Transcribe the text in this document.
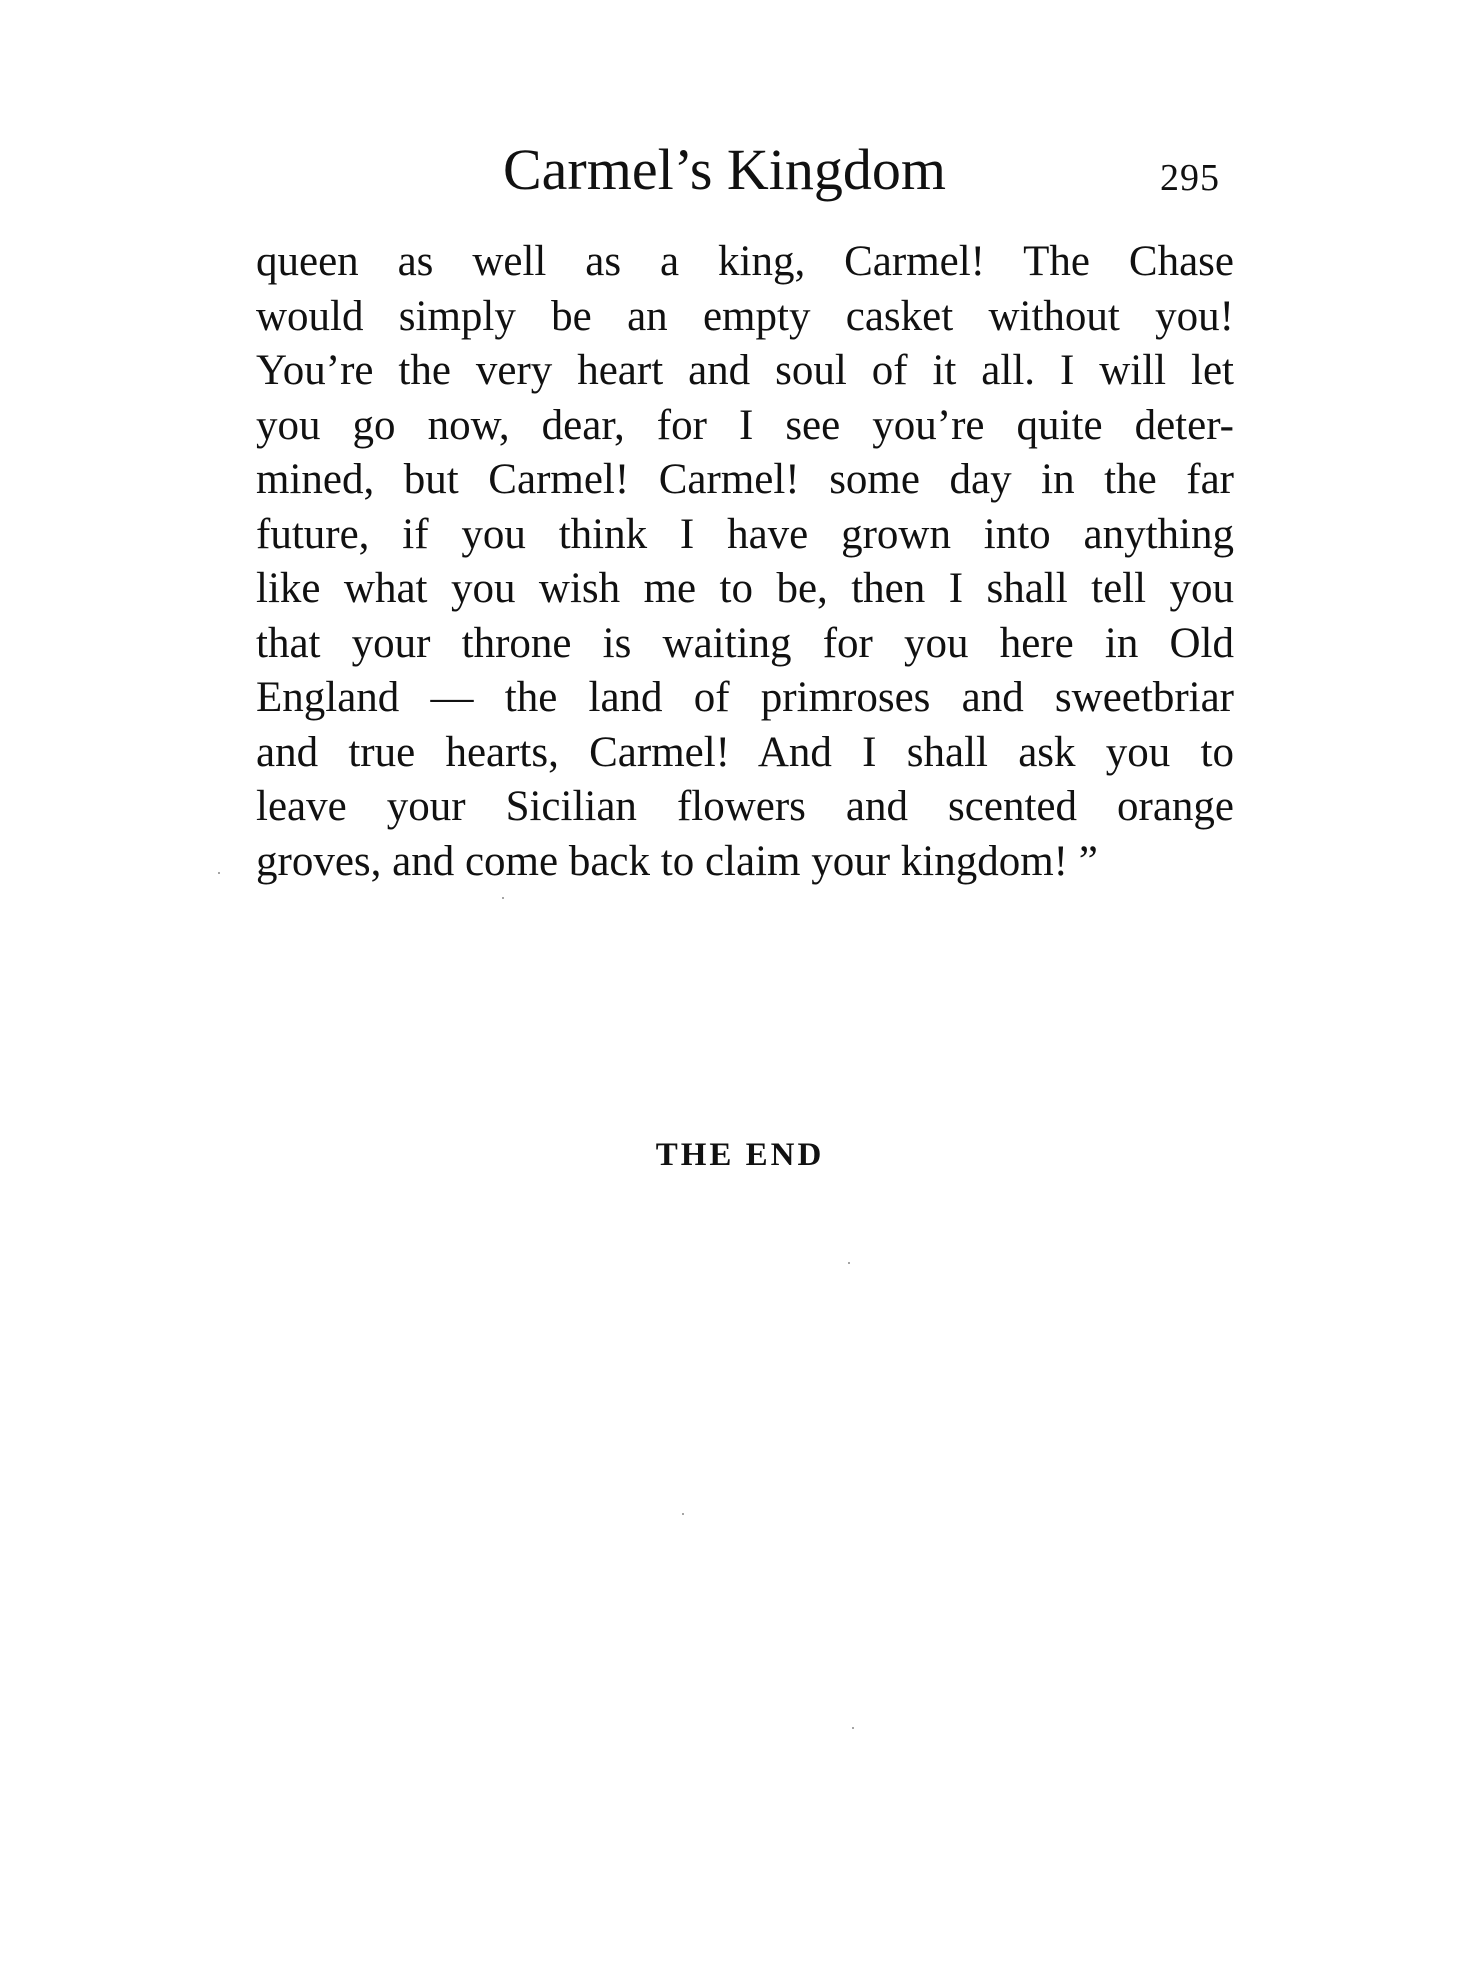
Carmel’s Kingdom	295
queen as well as a king, Carmel! The Chase
would simply be an empty casket without you!
You’re the very heart and soul of it all. I will let
you go now, dear, for I see you’re quite deter-
mined, but Carmel! Carmel! some day in the far
future, if you think I have grown into anything
like what you wish me to be, then I shall tell you
that your throne is waiting for you here in Old
England — the land of primroses and sweetbriar
and true hearts, Carmel! And I shall ask you to
leave your Sicilian flowers and scented orange
groves, and come back to claim your kingdom! ”
THE END
